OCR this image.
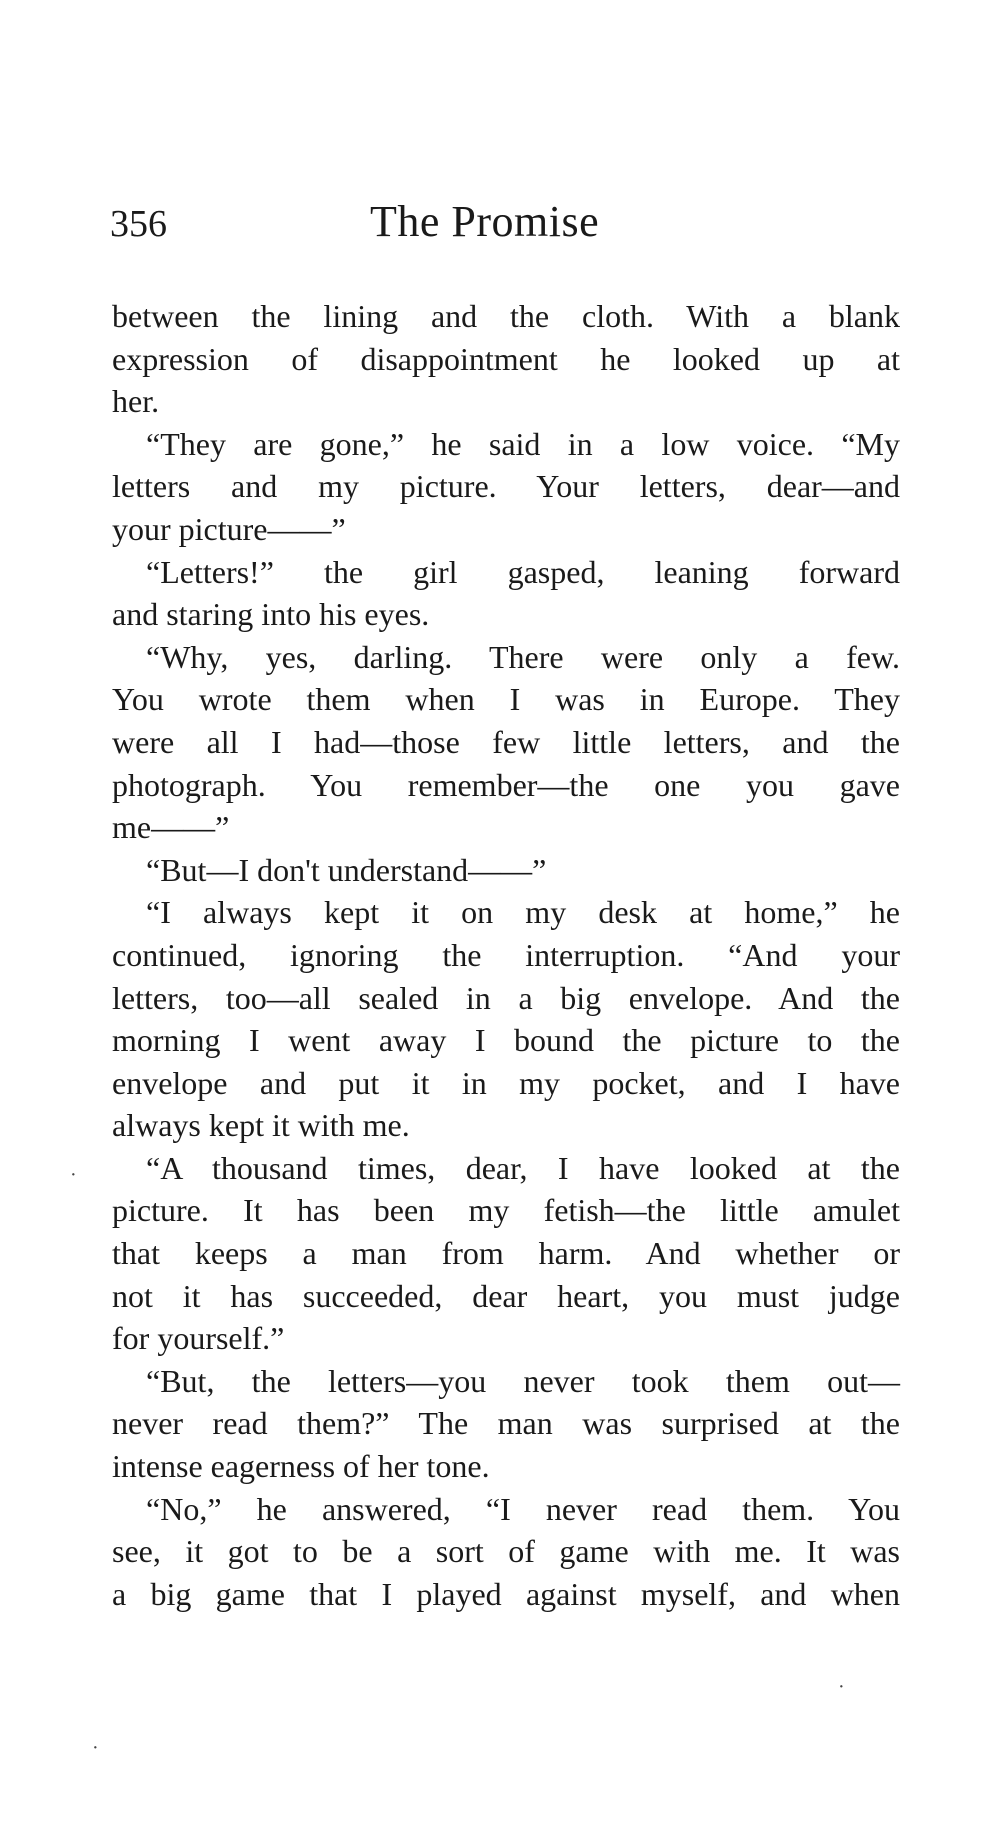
356	The Promise
between the lining and the cloth. With a blank
expression of disappointment he looked up at
her.
“They are gone,” he said in a low voice. “My
letters and my picture. Your letters, dear—and
your picture——”
“Letters!” the girl gasped, leaning forward
and staring into his eyes.
“Why, yes, darling. There were only a few.
You wrote them when I was in Europe. They
were all I had—those few little letters, and the
photograph. You remember—the one you gave
me——”
“But—I don't understand——”
“I always kept it on my desk at home,” he
continued, ignoring the interruption. “And your
letters, too—all sealed in a big envelope. And the
morning I went away I bound the picture to the
envelope and put it in my pocket, and I have
always kept it with me.
“A thousand times, dear, I have looked at the
picture. It has been my fetish—the little amulet
that keeps a man from harm. And whether or
not it has succeeded, dear heart, you must judge
for yourself.”
“But, the letters—you never took them out—
never read them?” The man was surprised at the
intense eagerness of her tone.
“No,” he answered, “I never read them. You
see, it got to be a sort of game with me. It was
a big game that I played against myself, and when
·
·
·
